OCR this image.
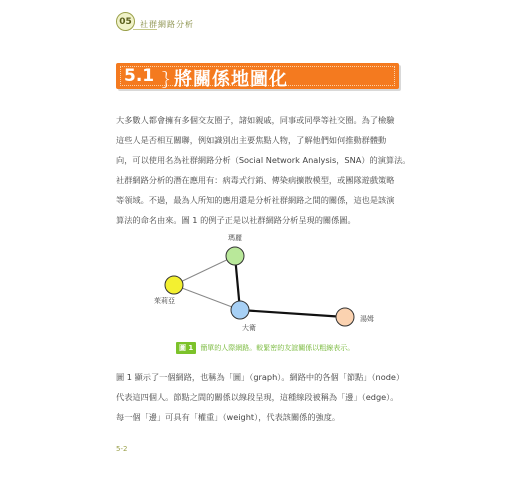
05	社群網路分析
5.1 ｝
將關係地圖化
大多數人都會擁有多個交友圈子，諸如親戚，同事或同學等社交圈。為了檢驗
這些人是否相互關聯，例如識別出主要焦點人物，了解他們如何推動群體動
向，可以使用名為社群網路分析（Social Network Analysis，SNA）的演算法。
社群網路分析的潛在應用有：病毒式行銷、傳染病擴散模型，或團隊遊戲策略
等領域。不過，最為人所知的應用還是分析社群網路之間的關係，這也是該演
算法的命名由來。圖 1 的例子正是以社群網路分析呈現的關係圖。
瑪麗
茱莉亞
大衛
湯姆
圖 1	簡單的人際網路。較緊密的友誼關係以粗線表示。
圖 1 顯示了一個網路，也稱為「圖」（graph）。網路中的各個「節點」（node）
代表這四個人。節點之間的關係以線段呈現，這種線段被稱為「邊」（edge）。
每一個「邊」可具有「權重」（weight），代表該關係的強度。
5-2
